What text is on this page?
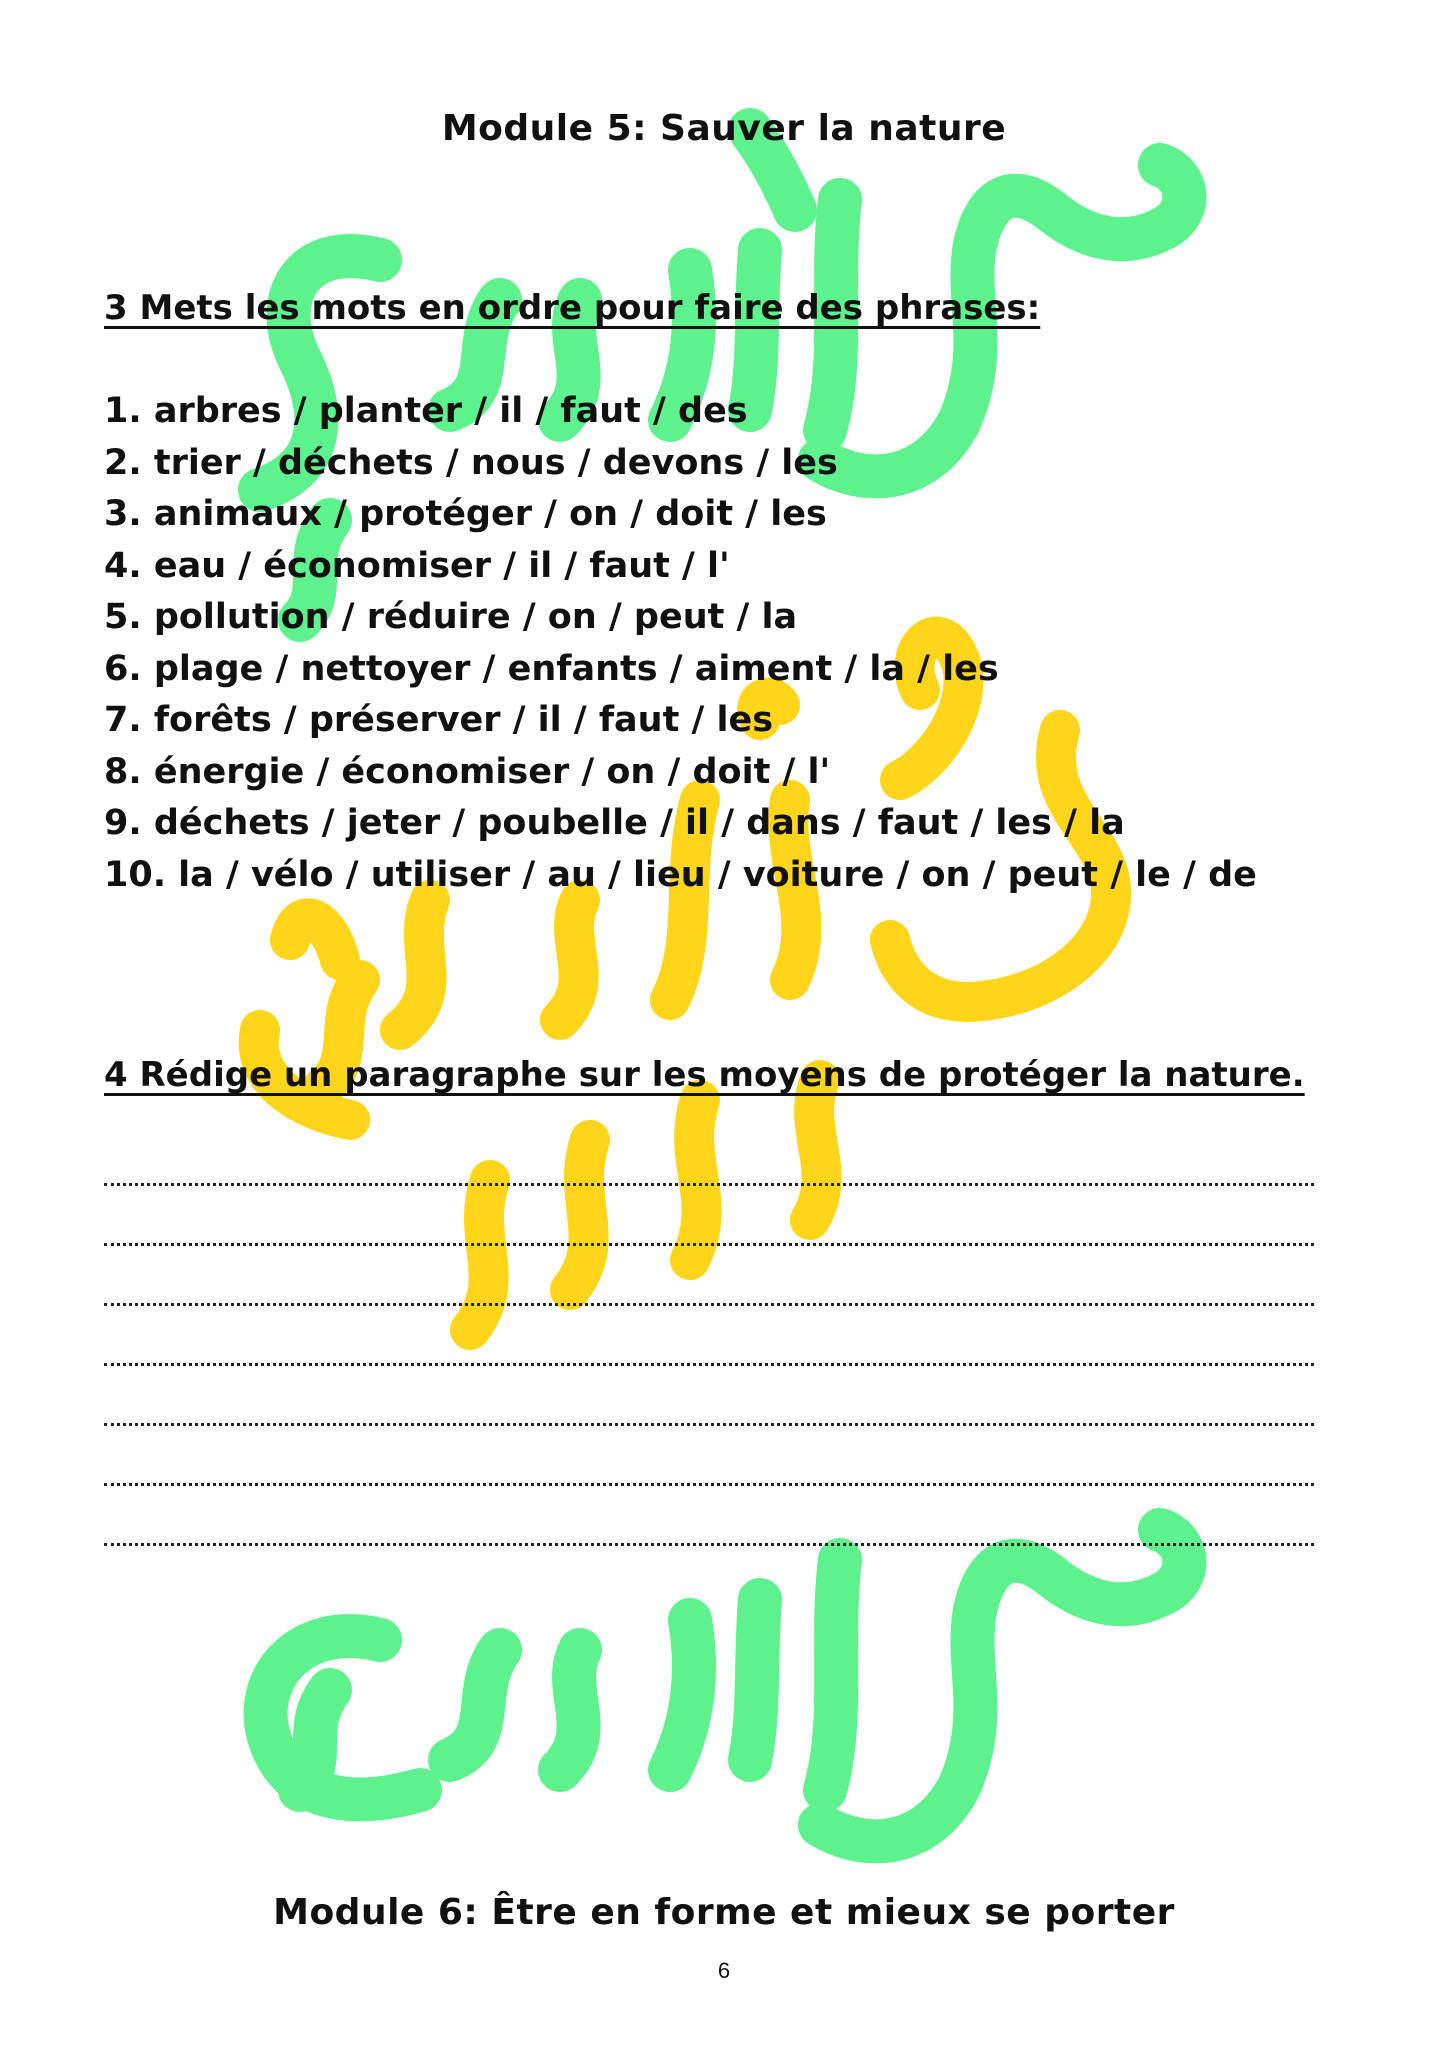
Module 5: Sauver la nature
3 Mets les mots en ordre pour faire des phrases:
1. arbres / planter / il / faut / des
2. trier / déchets / nous / devons / les
3. animaux / protéger / on / doit / les
4. eau / économiser / il / faut / l'
5. pollution / réduire / on / peut / la
6. plage / nettoyer / enfants / aiment / la / les
7. forêts / préserver / il / faut / les
8. énergie / économiser / on / doit / l'
9. déchets / jeter / poubelle / il / dans / faut / les / la
10. la / vélo / utiliser / au / lieu / voiture / on / peut / le / de
4 Rédige un paragraphe sur les moyens de protéger la nature.
Module 6: Être en forme et mieux se porter
6
